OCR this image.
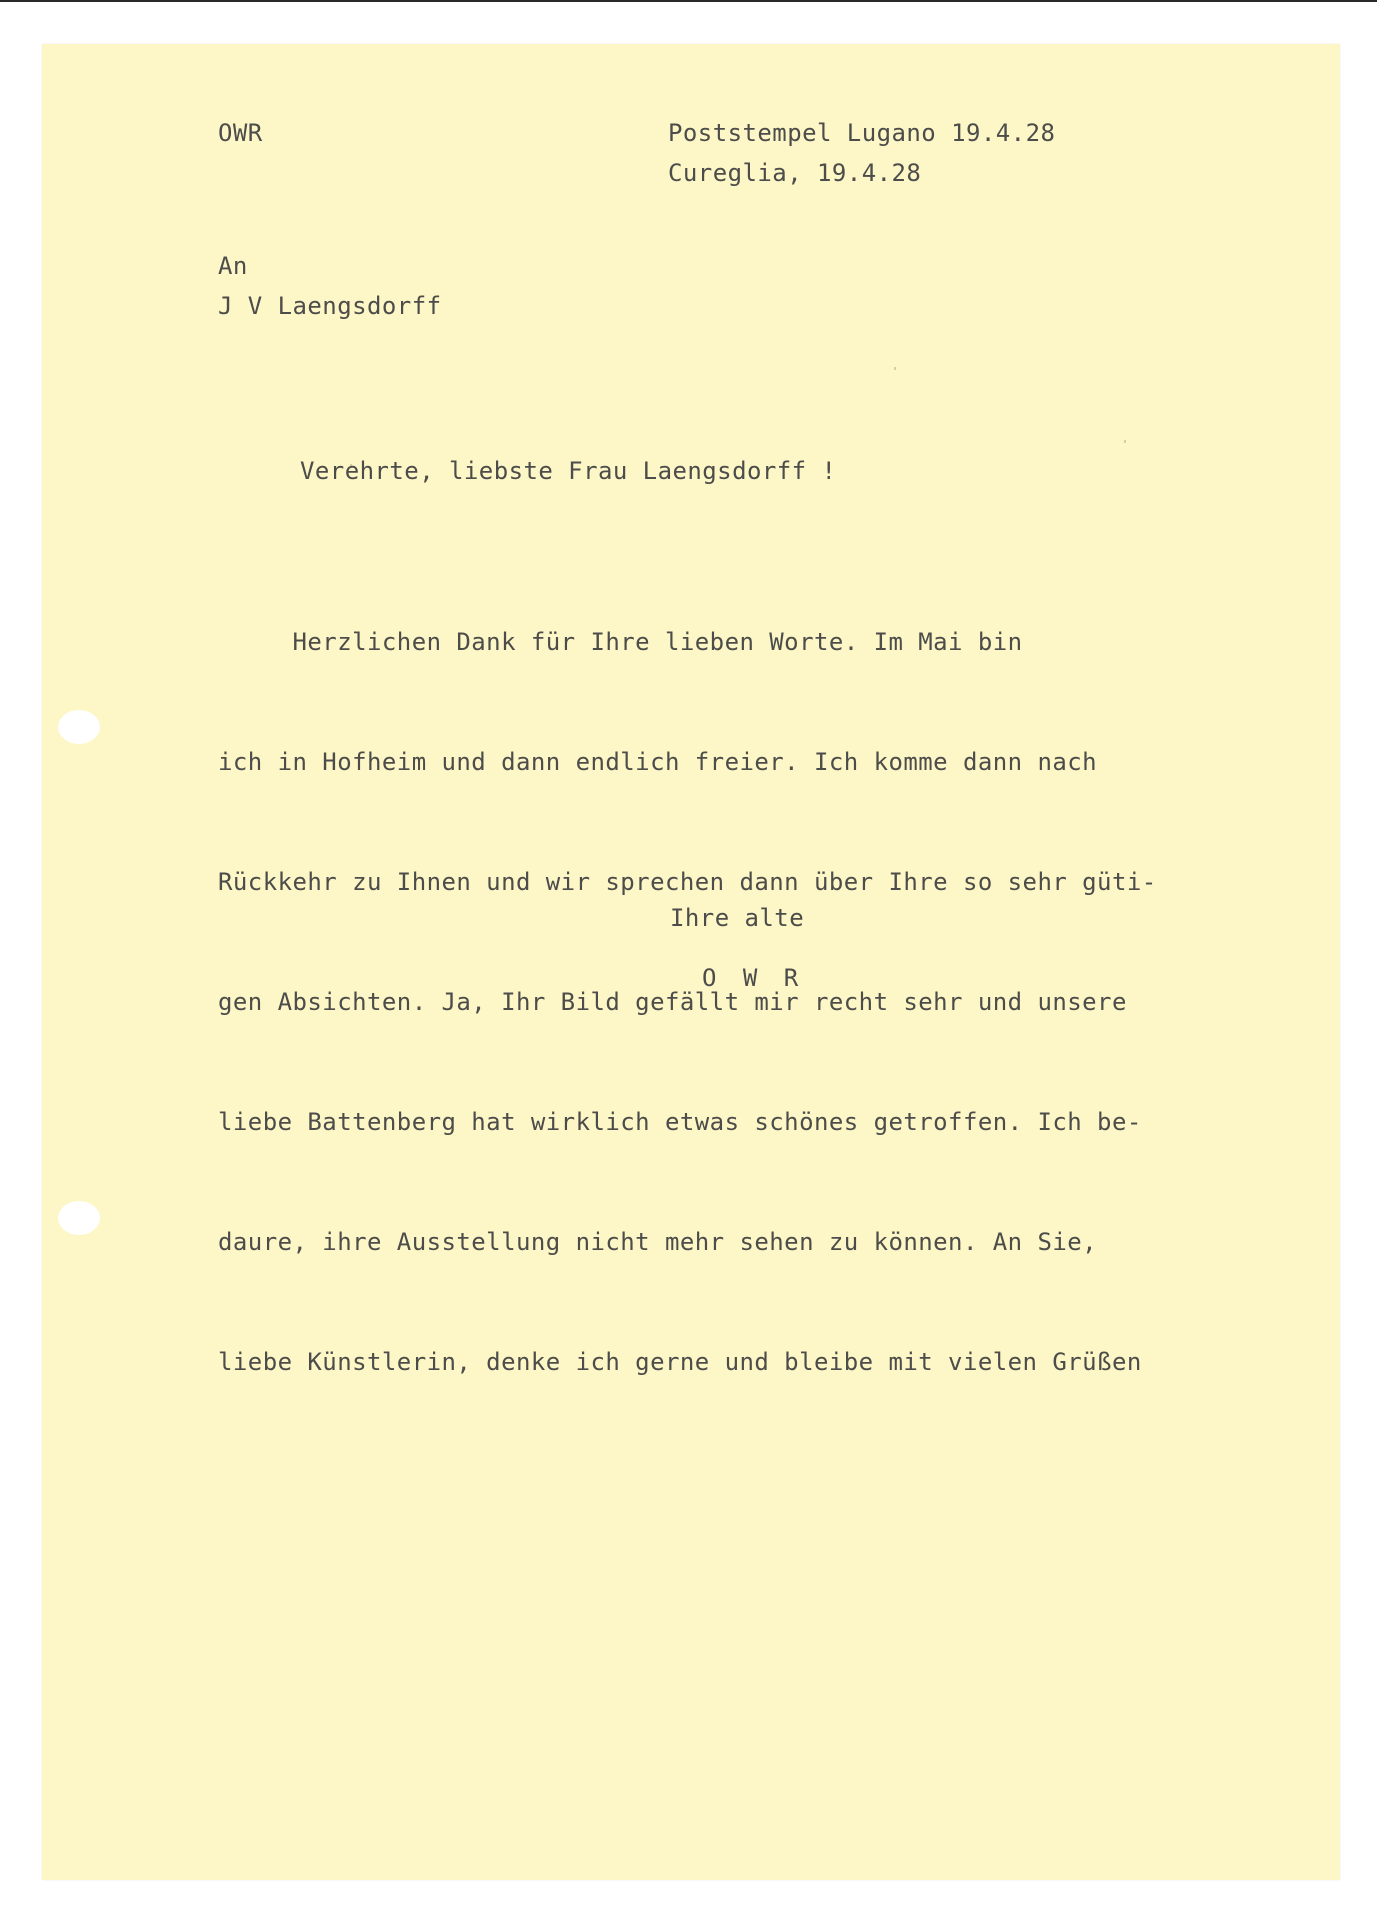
OWR	Poststempel Lugano 19.4.28

Cureglia, 19.4.28

An

J V Laengsdorff

Verehrte, liebste Frau Laengsdorff !

Herzlichen Dank für Ihre lieben Worte. Im Mai bin

ich in Hofheim und dann endlich freier. Ich komme dann nach

Rückkehr zu Ihnen und wir sprechen dann über Ihre so sehr güti-

gen Absichten. Ja, Ihr Bild gefällt mir recht sehr und unsere

liebe Battenberg hat wirklich etwas schönes getroffen. Ich be-

daure, ihre Ausstellung nicht mehr sehen zu können. An Sie,

liebe Künstlerin, denke ich gerne und bleibe mit vielen Grüßen

Ihre alte

O W R
